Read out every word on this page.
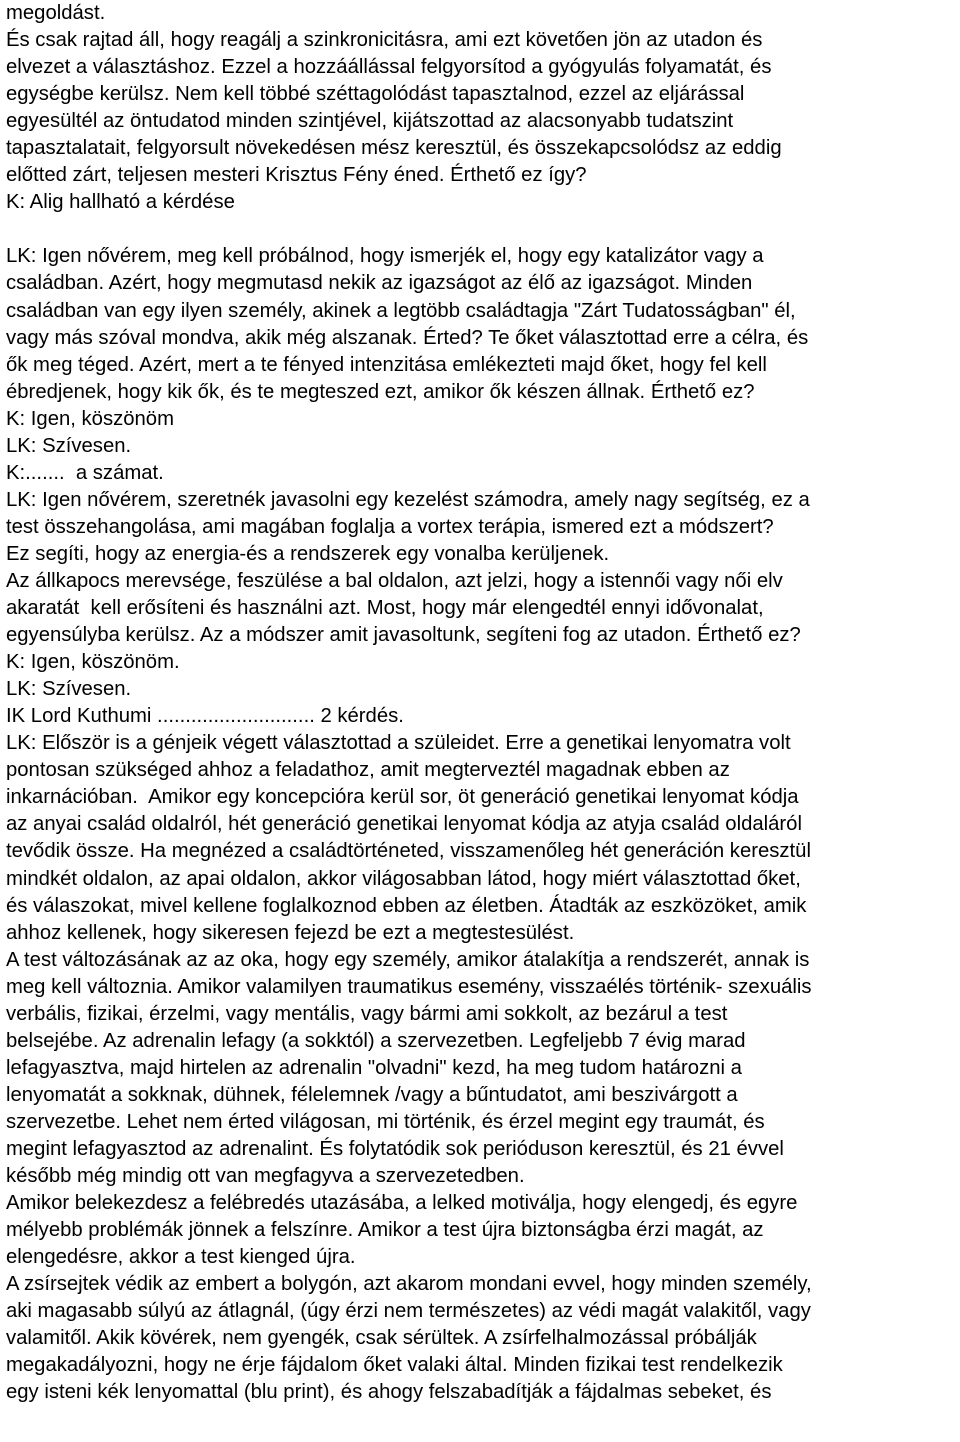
megoldást.
És csak rajtad áll, hogy reagálj a szinkronicitásra, ami ezt követően jön az utadon és
elvezet a választáshoz. Ezzel a hozzáállással felgyorsítod a gyógyulás folyamatát, és
egységbe kerülsz. Nem kell többé széttagolódást tapasztalnod, ezzel az eljárással
egyesültél az öntudatod minden szintjével, kijátszottad az alacsonyabb tudatszint
tapasztalatait, felgyorsult növekedésen mész keresztül, és összekapcsolódsz az eddig
előtted zárt, teljesen mesteri Krisztus Fény éned. Érthető ez így?
K: Alig hallható a kérdése
LK: Igen nővérem, meg kell próbálnod, hogy ismerjék el, hogy egy katalizátor vagy a
családban. Azért, hogy megmutasd nekik az igazságot az élő az igazságot. Minden
családban van egy ilyen személy, akinek a legtöbb családtagja "Zárt Tudatosságban" él,
vagy más szóval mondva, akik még alszanak. Érted? Te őket választottad erre a célra, és
ők meg téged. Azért, mert a te fényed intenzitása emlékezteti majd őket, hogy fel kell
ébredjenek, hogy kik ők, és te megteszed ezt, amikor ők készen állnak. Érthető ez?
K: Igen, köszönöm
LK: Szívesen.
K:.......  a számat.
LK: Igen nővérem, szeretnék javasolni egy kezelést számodra, amely nagy segítség, ez a
test összehangolása, ami magában foglalja a vortex terápia, ismered ezt a módszert?
Ez segíti, hogy az energia-és a rendszerek egy vonalba kerüljenek.
Az állkapocs merevsége, feszülése a bal oldalon, azt jelzi, hogy a istennői vagy női elv
akaratát  kell erősíteni és használni azt. Most, hogy már elengedtél ennyi idővonalat,
egyensúlyba kerülsz. Az a módszer amit javasoltunk, segíteni fog az utadon. Érthető ez?
K: Igen, köszönöm.
LK: Szívesen.
IK Lord Kuthumi ............................ 2 kérdés.
LK: Először is a génjeik végett választottad a szüleidet. Erre a genetikai lenyomatra volt
pontosan szükséged ahhoz a feladathoz, amit megterveztél magadnak ebben az
inkarnációban.  Amikor egy koncepcióra kerül sor, öt generáció genetikai lenyomat kódja
az anyai család oldalról, hét generáció genetikai lenyomat kódja az atyja család oldaláról
tevődik össze. Ha megnézed a családtörténeted, visszamenőleg hét generáción keresztül
mindkét oldalon, az apai oldalon, akkor világosabban látod, hogy miért választottad őket,
és válaszokat, mivel kellene foglalkoznod ebben az életben. Átadták az eszközöket, amik
ahhoz kellenek, hogy sikeresen fejezd be ezt a megtestesülést.
A test változásának az az oka, hogy egy személy, amikor átalakítja a rendszerét, annak is
meg kell változnia. Amikor valamilyen traumatikus esemény, visszaélés történik- szexuális
verbális, fizikai, érzelmi, vagy mentális, vagy bármi ami sokkolt, az bezárul a test
belsejébe. Az adrenalin lefagy (a sokktól) a szervezetben. Legfeljebb 7 évig marad
lefagyasztva, majd hirtelen az adrenalin "olvadni" kezd, ha meg tudom határozni a
lenyomatát a sokknak, dühnek, félelemnek /vagy a bűntudatot, ami beszivárgott a
szervezetbe. Lehet nem érted világosan, mi történik, és érzel megint egy traumát, és
megint lefagyasztod az adrenalint. És folytatódik sok perióduson keresztül, és 21 évvel
később még mindig ott van megfagyva a szervezetedben.
Amikor belekezdesz a felébredés utazásába, a lelked motiválja, hogy elengedj, és egyre
mélyebb problémák jönnek a felszínre. Amikor a test újra biztonságba érzi magát, az
elengedésre, akkor a test kienged újra.
A zsírsejtek védik az embert a bolygón, azt akarom mondani evvel, hogy minden személy,
aki magasabb súlyú az átlagnál, (úgy érzi nem természetes) az védi magát valakitől, vagy
valamitől. Akik kövérek, nem gyengék, csak sérültek. A zsírfelhalmozással próbálják
megakadályozni, hogy ne érje fájdalom őket valaki által. Minden fizikai test rendelkezik
egy isteni kék lenyomattal (blu print), és ahogy felszabadítják a fájdalmas sebeket, és
